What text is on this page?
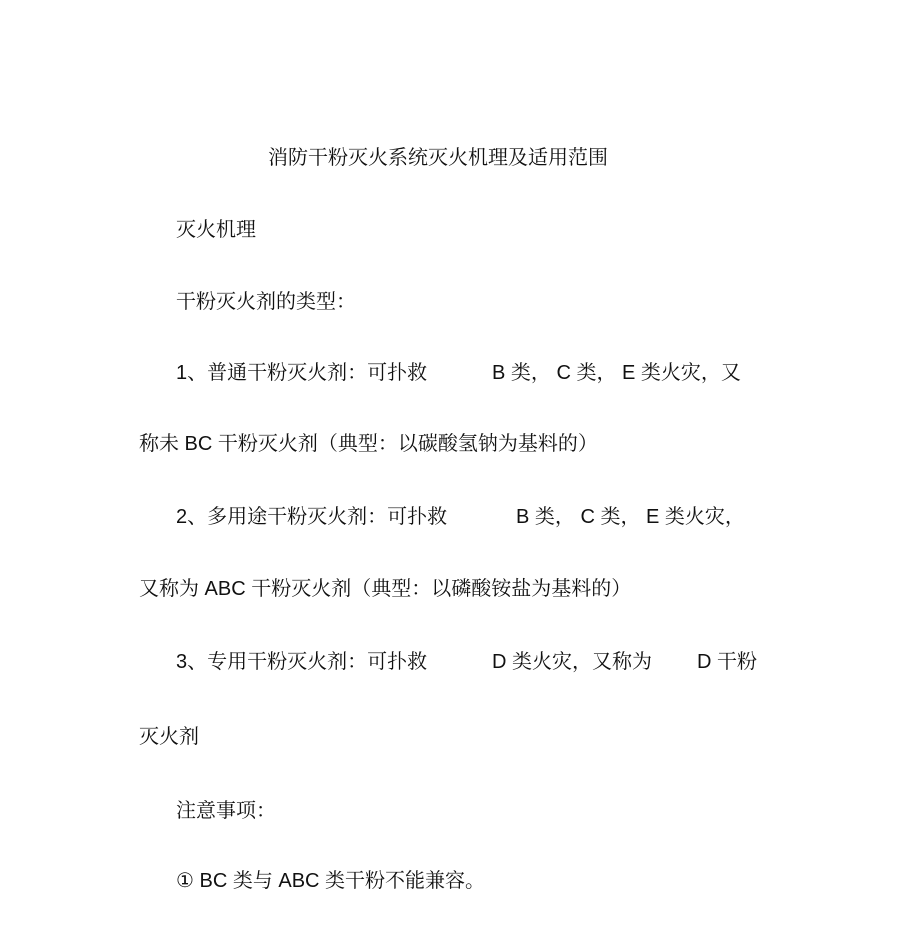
消防干粉灭火系统灭火机理及适用范围
灭火机理
干粉灭火剂的类型：
1、普通干粉灭火剂：可扑救	B 类， C 类， E 类火灾，又
称未 BC 干粉灭火剂（典型：以碳酸氢钠为基料的）
2、多用途干粉灭火剂：可扑救	B 类， C 类， E 类火灾，
又称为 ABC 干粉灭火剂（典型：以磷酸铵盐为基料的）
3、专用干粉灭火剂：可扑救	D 类火灾，又称为 D 干粉
灭火剂
注意事项：
① BC 类与 ABC 类干粉不能兼容。
